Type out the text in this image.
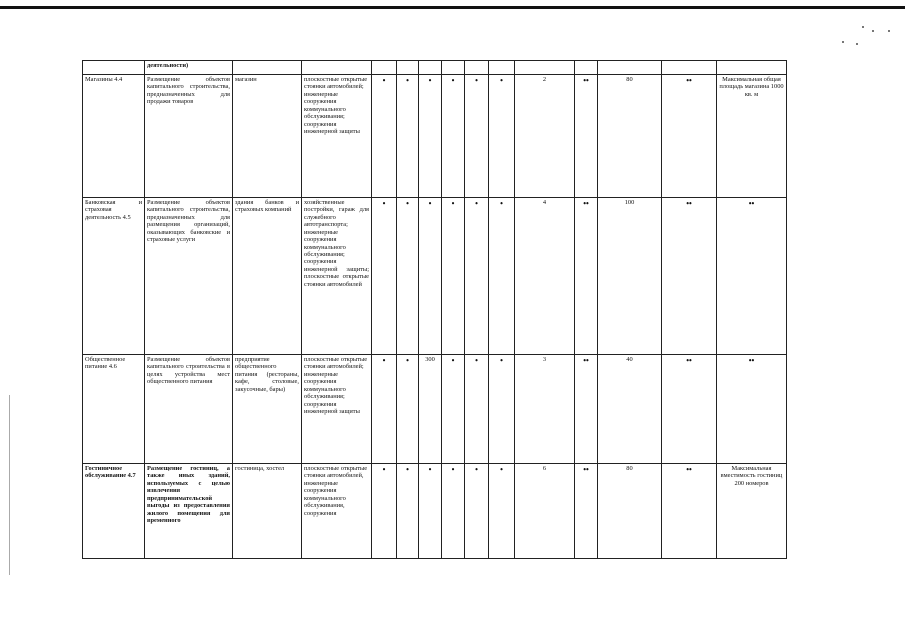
	деятельности)													
Магазины 4.4	Размещение объектов капитального строительства, предназначенных для продажи товаров	магазин	плоскостные открытые стоянки автомобилей; инженерные сооружения коммунального обслуживания; сооружения инженерной защиты	•	•	•	•	•	•	2	••	80	••	Максимальная общая площадь магазина 1000 кв. м
Банковская и страховая деятельность 4.5	Размещение объектов капитального строительства, предназначенных для размещения организаций, оказывающих банковские и страховые услуги	здания банков и страховых компаний	хозяйственные постройки, гараж для служебного автотранспорта; инженерные сооружения коммунального обслуживания; сооружения инженерной защиты; плоскостные открытые стоянки автомобилей	•	•	•	•	•	•	4	••	100	••	••
Общественное питание 4.6	Размещение объектов капитального строительства в целях устройства мест общественного питания	предприятие общественного питания (рестораны, кафе, столовые, закусочные, бары)	плоскостные открытые стоянки автомобилей; инженерные сооружения коммунального обслуживания; сооружения инженерной защиты	•	•	300	•	•	•	3	••	40	••	••
Гостиничное обслуживание 4.7	Размещение гостиниц, а также иных зданий, используемых с целью извлечения предпринимательской выгоды из предоставления жилого помещения для временного	гостиница, хостел	плоскостные открытые стоянки автомобилей, инженерные сооружения коммунального обслуживания, сооружения	•	•	•	•	•	•	6	••	80	••	Максимальная вместимость гостиниц 200 номеров
